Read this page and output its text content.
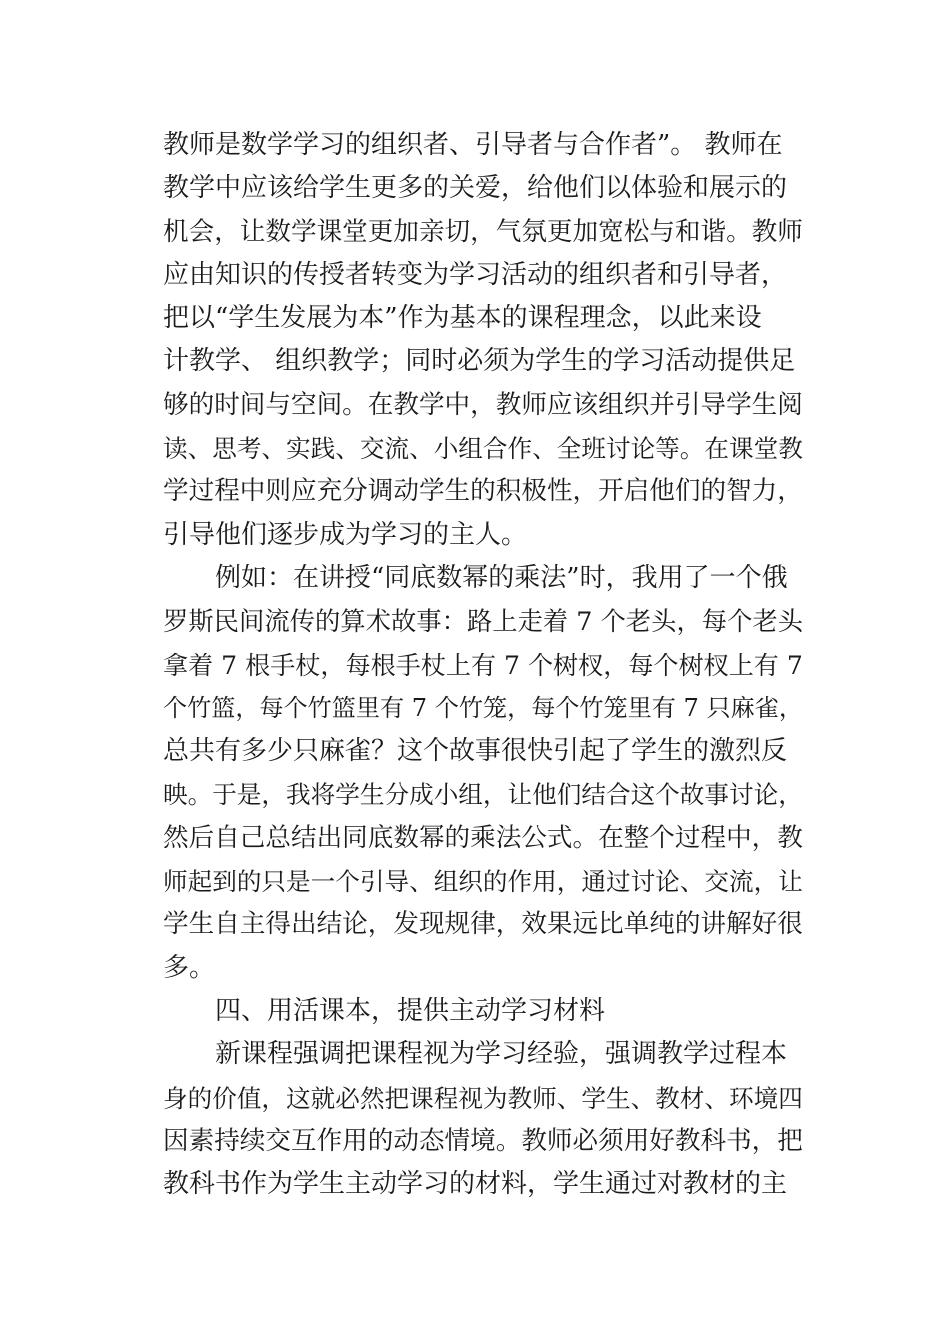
教师是数学学习的组织者、引导者与合作者”。 教师在
教学中应该给学生更多的关爱，给他们以体验和展示的
机会，让数学课堂更加亲切，气氛更加宽松与和谐。教师
应由知识的传授者转变为学习活动的组织者和引导者，
把以“学生发展为本”作为基本的课程理念，以此来设
计教学、 组织教学；同时必须为学生的学习活动提供足
够的时间与空间。在教学中，教师应该组织并引导学生阅
读、思考、实践、交流、小组合作、全班讨论等。在课堂教
学过程中则应充分调动学生的积极性，开启他们的智力，
引导他们逐步成为学习的主人。
例如：在讲授“同底数幂的乘法”时，我用了一个俄
罗斯民间流传的算术故事：路上走着 7 个老头，每个老头
拿着 7 根手杖，每根手杖上有 7 个树杈，每个树杈上有 7
个竹篮，每个竹篮里有 7 个竹笼，每个竹笼里有 7 只麻雀，
总共有多少只麻雀？这个故事很快引起了学生的激烈反
映。于是，我将学生分成小组，让他们结合这个故事讨论，
然后自己总结出同底数幂的乘法公式。在整个过程中，教
师起到的只是一个引导、组织的作用，通过讨论、交流，让
学生自主得出结论，发现规律，效果远比单纯的讲解好很
多。
四、用活课本，提供主动学习材料
新课程强调把课程视为学习经验，强调教学过程本
身的价值，这就必然把课程视为教师、学生、教材、环境四
因素持续交互作用的动态情境。教师必须用好教科书，把
教科书作为学生主动学习的材料，学生通过对教材的主
